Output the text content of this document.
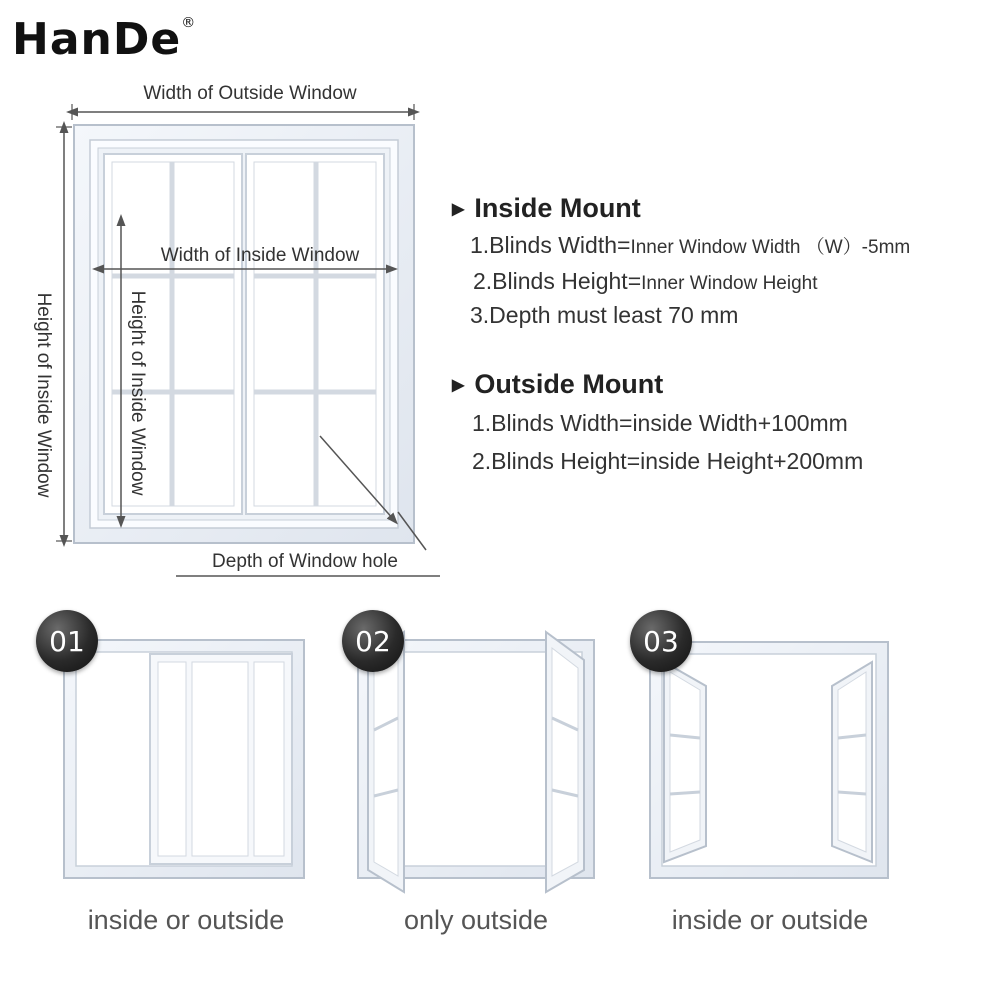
HanDe®
Width of Outside Window
Width of Inside Window
Height of Inside Window	Height of Inside Window
Depth of Window hole
▶ Inside Mount
1.Blinds Width=Inner Window Width （W）-5mm
2.Blinds Height=Inner Window Height
3.Depth must least 70 mm
▶ Outside Mount
1.Blinds Width=inside Width+100mm
2.Blinds Height=inside Height+200mm
01	02	03
inside or outside	only outside	inside or outside
